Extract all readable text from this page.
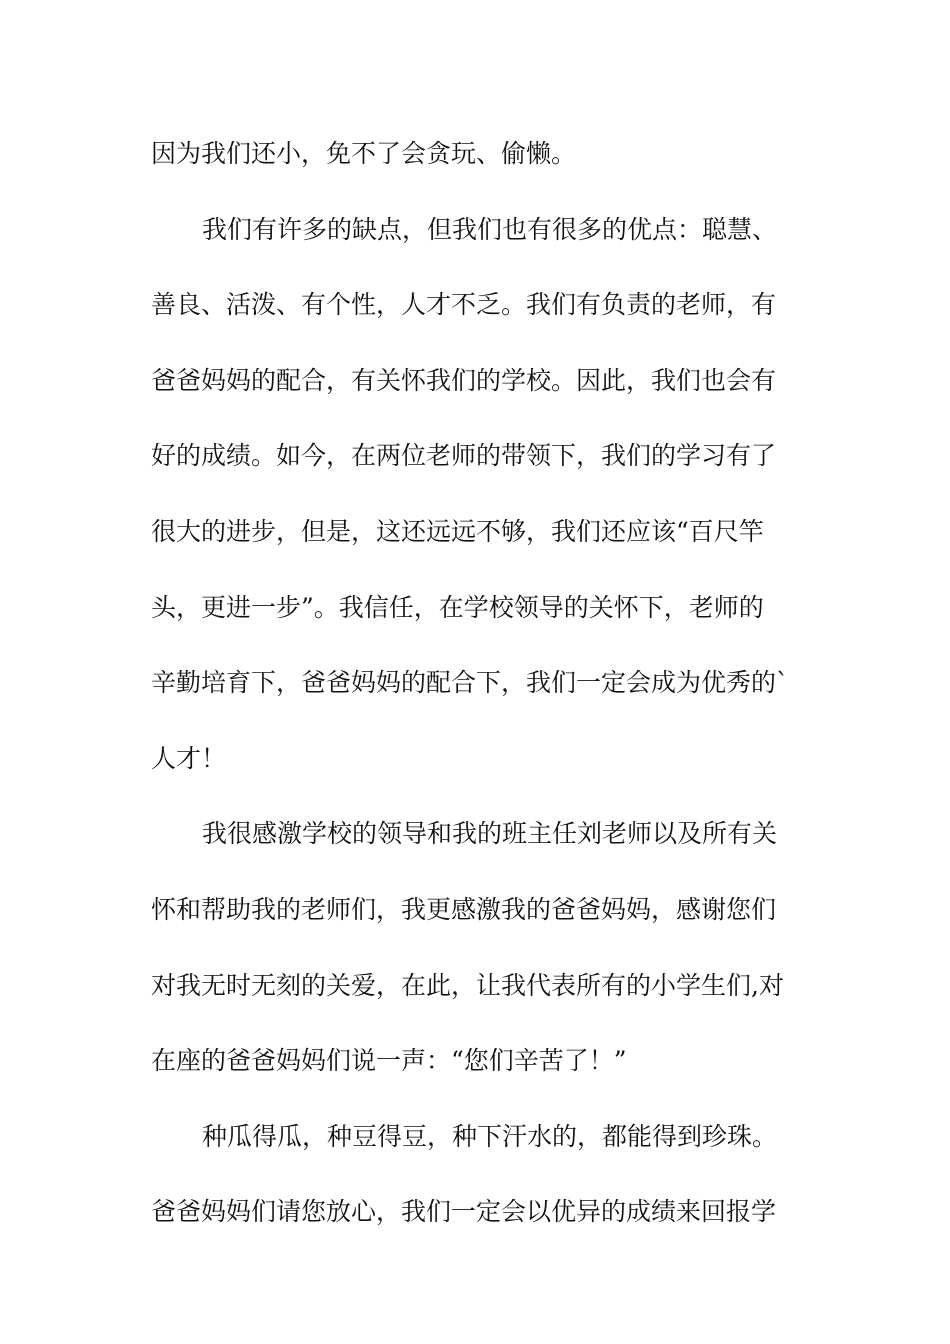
因为我们还小，免不了会贪玩、偷懒。
我们有许多的缺点，但我们也有很多的优点：聪慧、
善良、活泼、有个性，人才不乏。我们有负责的老师，有
爸爸妈妈的配合，有关怀我们的学校。因此，我们也会有
好的成绩。如今，在两位老师的带领下，我们的学习有了
很大的进步，但是，这还远远不够，我们还应该“百尺竿
头，更进一步”。我信任，在学校领导的关怀下，老师的
辛勤培育下，爸爸妈妈的配合下，我们一定会成为优秀的`
人才！
我很感激学校的领导和我的班主任刘老师以及所有关
怀和帮助我的老师们，我更感激我的爸爸妈妈，感谢您们
对我无时无刻的关爱，在此，让我代表所有的小学生们,对
在座的爸爸妈妈们说一声：“您们辛苦了！”
种瓜得瓜，种豆得豆，种下汗水的，都能得到珍珠。
爸爸妈妈们请您放心，我们一定会以优异的成绩来回报学
